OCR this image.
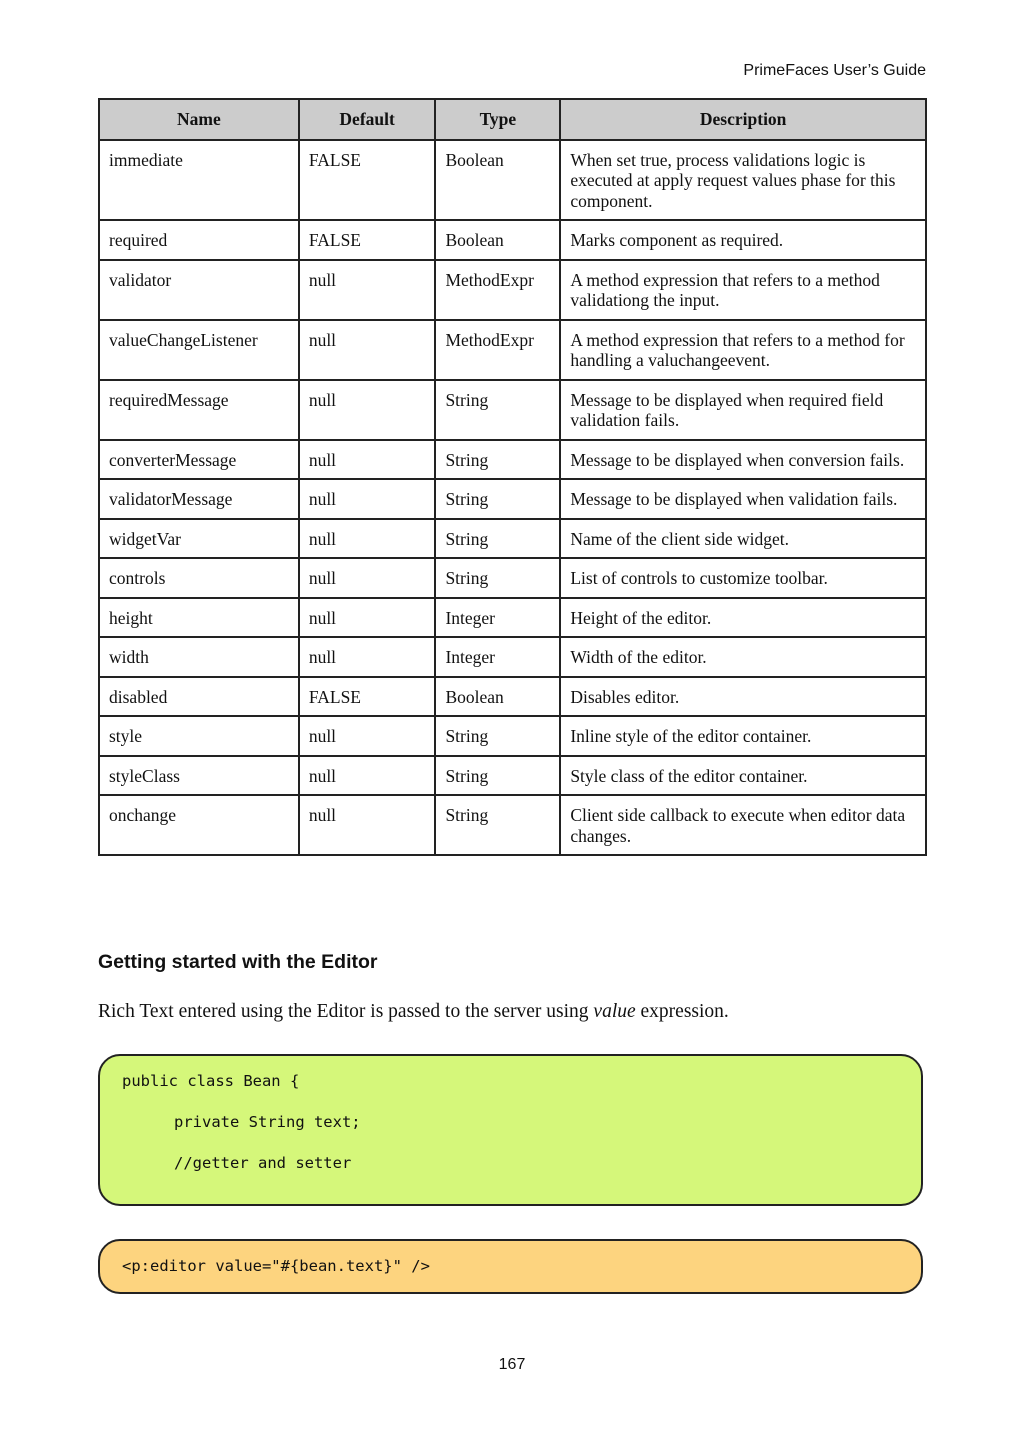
PrimeFaces User’s Guide
Name	Default	Type	Description
immediate	FALSE	Boolean	When set true, process validations logic is executed at apply request values phase for this component.
required	FALSE	Boolean	Marks component as required.
validator	null	MethodExpr	A method expression that refers to a method validationg the input.
valueChangeListener	null	MethodExpr	A method expression that refers to a method for handling a valuchangeevent.
requiredMessage	null	String	Message to be displayed when required field validation fails.
converterMessage	null	String	Message to be displayed when conversion fails.
validatorMessage	null	String	Message to be displayed when validation fails.
widgetVar	null	String	Name of the client side widget.
controls	null	String	List of controls to customize toolbar.
height	null	Integer	Height of the editor.
width	null	Integer	Width of the editor.
disabled	FALSE	Boolean	Disables editor.
style	null	String	Inline style of the editor container.
styleClass	null	String	Style class of the editor container.
onchange	null	String	Client side callback to execute when editor data changes.
Getting started with the Editor
Rich Text entered using the Editor is passed to the server using value expression.
public class Bean {
private String text;
//getter and setter
<p:editor value="#{bean.text}" />
167
